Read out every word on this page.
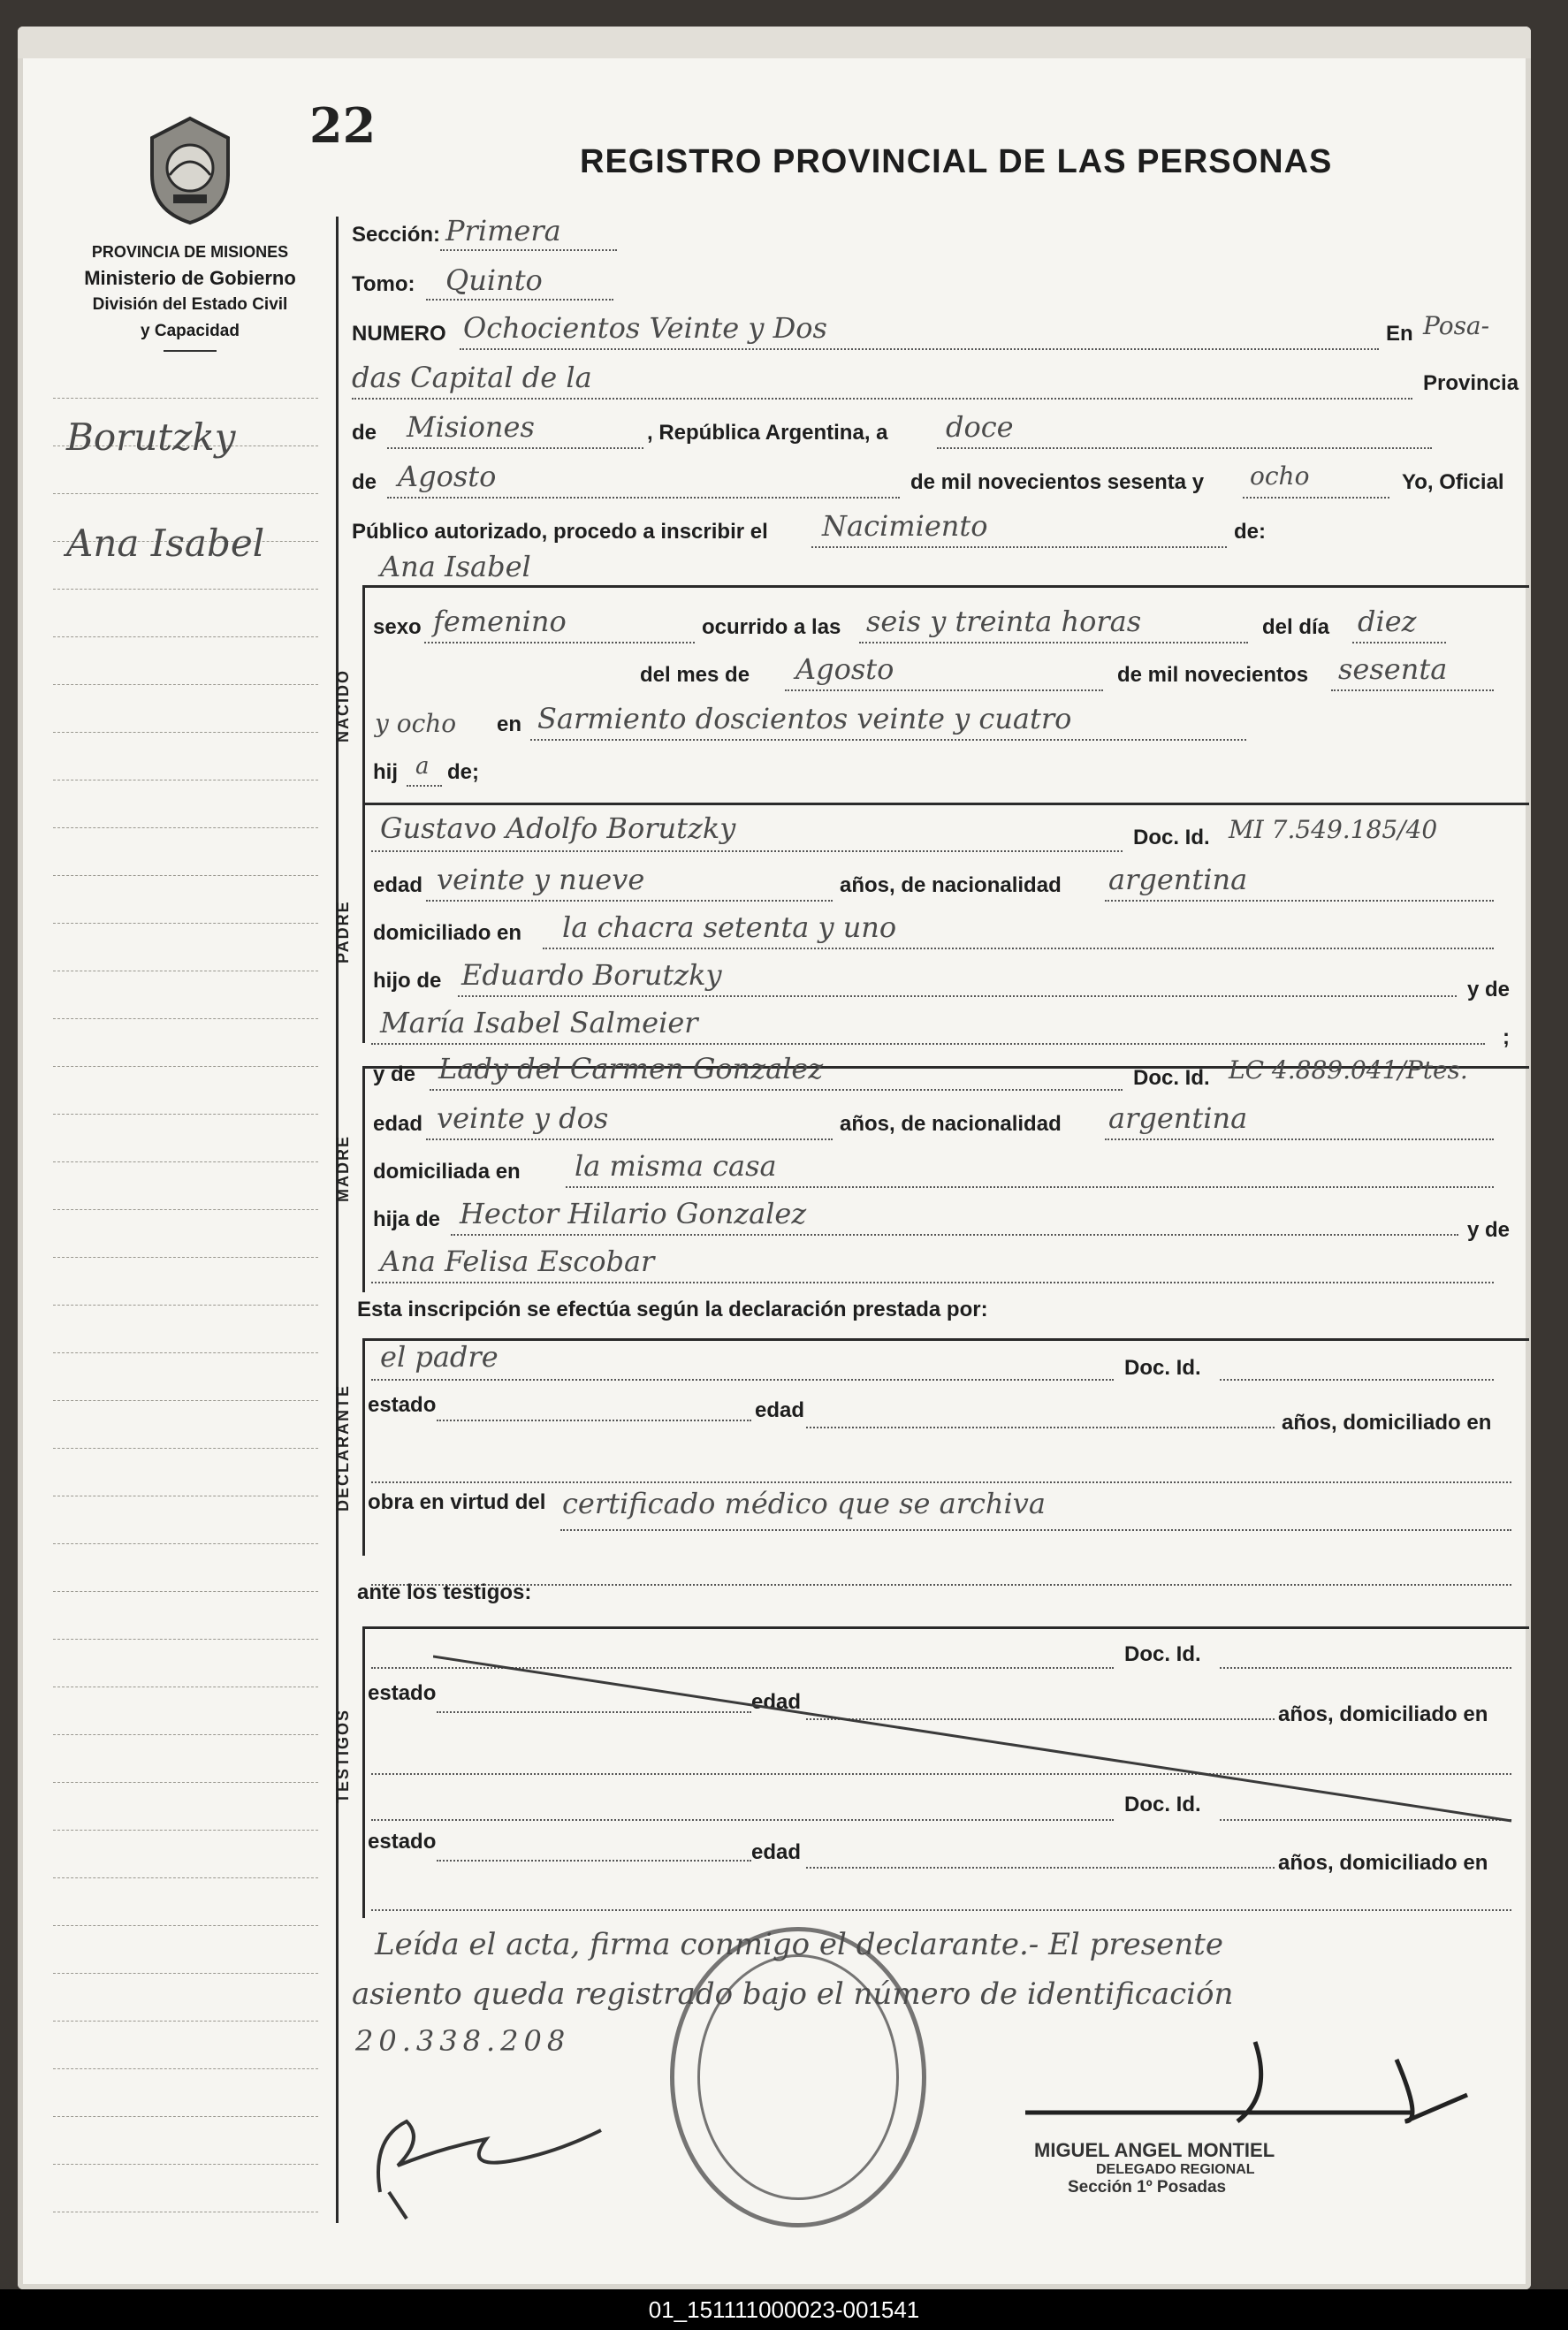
22
REGISTRO PROVINCIAL DE LAS PERSONAS
PROVINCIA DE MISIONES
Ministerio de Gobierno
División del Estado Civil
y Capacidad
Borutzky
Ana Isabel
Sección: Primera
Tomo: Quinto
NUMERO Ochocientos Veinte y Dos	En Posa-
das Capital de la	Provincia
de Misiones	, República Argentina, a doce
de Agosto	de mil novecientos sesenta y ocho	Yo, Oficial
Público autorizado, procedo a inscribir el Nacimiento	de:
Ana Isabel
NACIDO
sexo femenino	ocurrido a las seis y treinta horas	del día diez
del mes de Agosto	de mil novecientos sesenta
y ocho en Sarmiento doscientos veinte y cuatro
hij a de;
PADRE
Gustavo Adolfo Borutzky	Doc. Id. MI 7.549.185/40
edad veinte y nueve	años, de nacionalidad argentina
domiciliado en la chacra setenta y uno
hijo de Eduardo Borutzky	y de
María Isabel Salmeier	;
MADRE
y de Lady del Carmen Gonzalez	Doc. Id. LC 4.889.041/Ptes.
edad veinte y dos	años, de nacionalidad argentina
domiciliada en la misma casa
hija de Hector Hilario Gonzalez	y de
Ana Felisa Escobar
Esta inscripción se efectúa según la declaración prestada por:
DECLARANTE
el padre	Doc. Id.
estado	edad
años, domiciliado en
obra en virtud del certificado médico que se archiva
ante los testigos:
TESTIGOS
Doc. Id.
estado	edad
años, domiciliado en
Doc. Id.
estado	edad	años, domiciliado en
Leída el acta, firma conmigo el declarante.- El presente
asiento queda registrado bajo el número de identificación
20.338.208
MIGUEL ANGEL MONTIEL
DELEGADO REGIONAL
Sección 1º Posadas
01_151111000023-001541
